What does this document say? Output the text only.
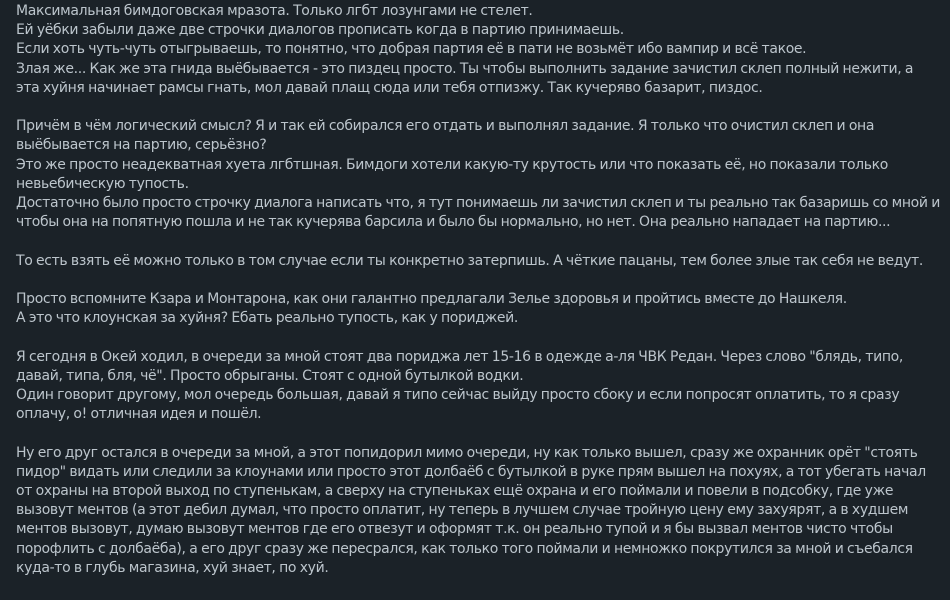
Максимальная бимдоговская мразота. Только лгбт лозунгами не стелет.
Ей уёбки забыли даже две строчки диалогов прописать когда в партию принимаешь.
Если хоть чуть-чуть отыгрываешь, то понятно, что добрая партия её в пати не возьмёт ибо вампир и всё такое.
Злая же... Как же эта гнида выёбывается - это пиздец просто. Ты чтобы выполнить задание зачистил склеп полный нежити, а
эта хуйня начинает рамсы гнать, мол давай плащ сюда или тебя отпизжу. Так кучеряво базарит, пиздос.
Причём в чём логический смысл? Я и так ей собирался его отдать и выполнял задание. Я только что очистил склеп и она
выёбывается на партию, серьёзно?
Это же просто неадекватная хуета лгбтшная. Бимдоги хотели какую-ту крутость или что показать её, но показали только
невьебическую тупость.
Достаточно было просто строчку диалога написать что, я тут понимаешь ли зачистил склеп и ты реально так базаришь со мной и
чтобы она на попятную пошла и не так кучерява барсила и было бы нормально, но нет. Она реально нападает на партию...
То есть взять её можно только в том случае если ты конкретно затерпишь. А чёткие пацаны, тем более злые так себя не ведут.
Просто вспомните Кзара и Монтарона, как они галантно предлагали Зелье здоровья и пройтись вместе до Нашкеля.
А это что клоунская за хуйня? Ебать реально тупость, как у пориджей.
Я сегодня в Окей ходил, в очереди за мной стоят два пориджа лет 15-16 в одежде а-ля ЧВК Редан. Через слово "блядь, типо,
давай, типа, бля, чё". Просто обрыганы. Стоят с одной бутылкой водки.
Один говорит другому, мол очередь большая, давай я типо сейчас выйду просто сбоку и если попросят оплатить, то я сразу
оплачу, о! отличная идея и пошёл.
Ну его друг остался в очереди за мной, а этот попидорил мимо очереди, ну как только вышел, сразу же охранник орёт "стоять
пидор" видать или следили за клоунами или просто этот долбаёб с бутылкой в руке прям вышел на похуях, а тот убегать начал
от охраны на второй выход по ступенькам, а сверху на ступеньках ещё охрана и его поймали и повели в подсобку, где уже
вызовут ментов (а этот дебил думал, что просто оплатит, ну теперь в лучшем случае тройную цену ему захуярят, а в худшем
ментов вызовут, думаю вызовут ментов где его отвезут и оформят т.к. он реально тупой и я бы вызвал ментов чисто чтобы
порофлить с долбаёба), а его друг сразу же пересрался, как только того поймали и немножко покрутился за мной и съебался
куда-то в глубь магазина, хуй знает, по хуй.
